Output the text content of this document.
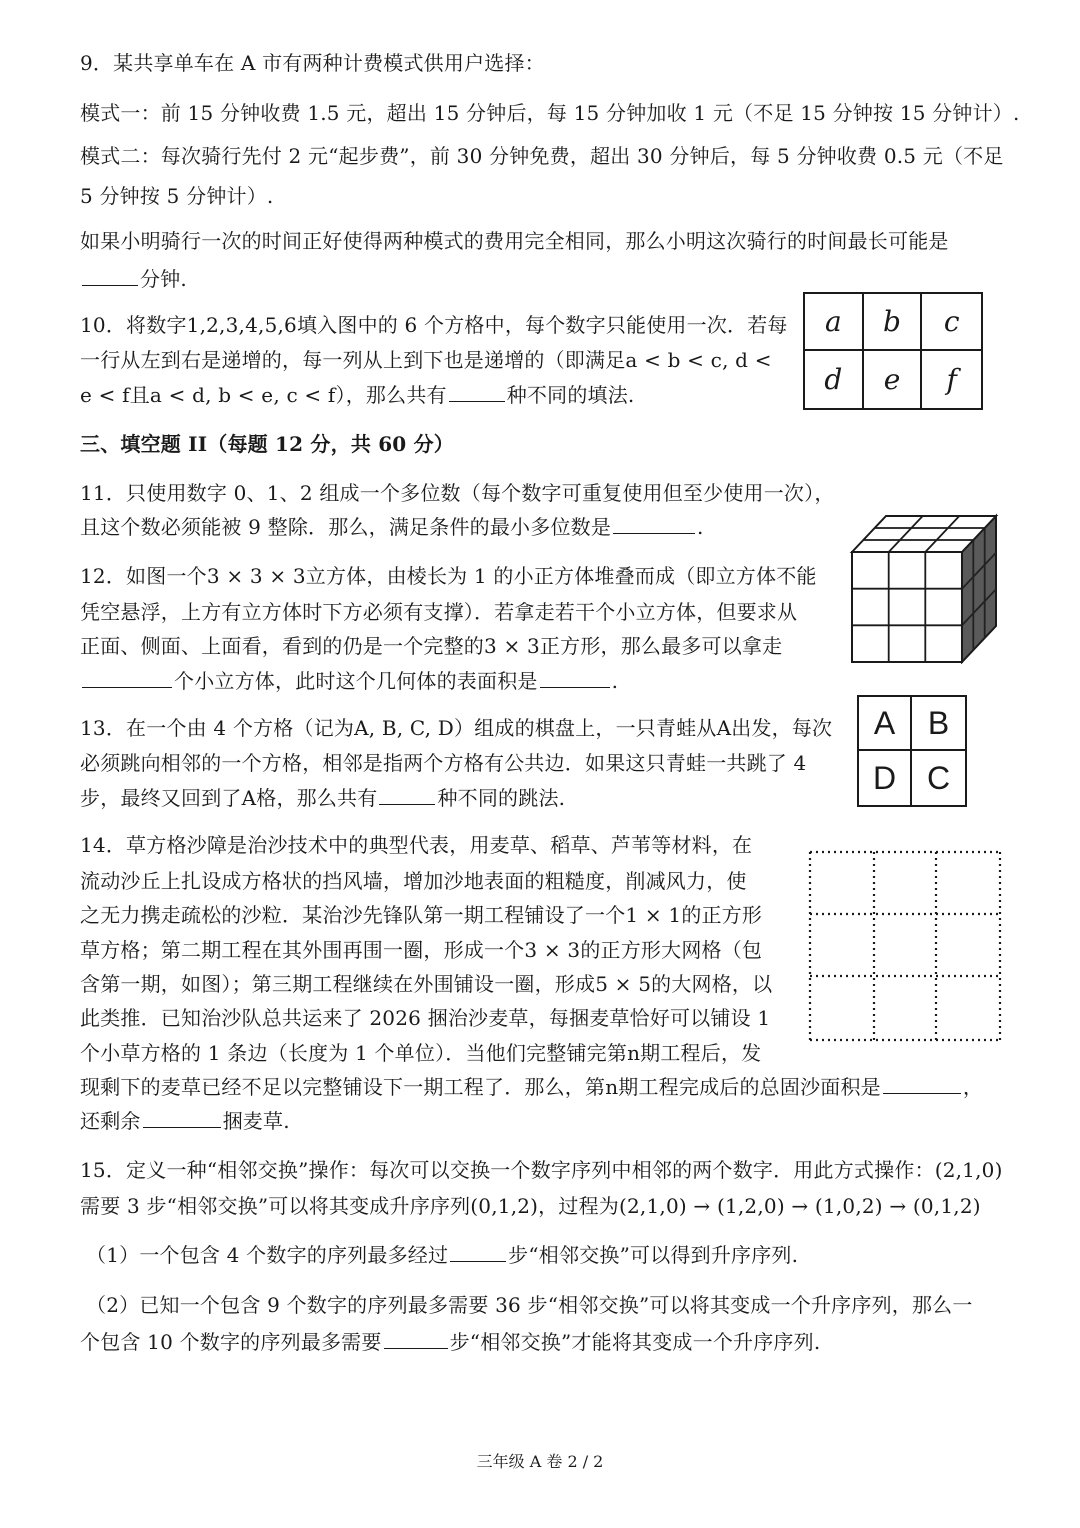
9．某共享单车在 A 市有两种计费模式供用户选择：

模式一：前 15 分钟收费 1.5 元，超出 15 分钟后，每 15 分钟加收 1 元（不足 15 分钟按 15 分钟计）.

模式二：每次骑行先付 2 元“起步费”，前 30 分钟免费，超出 30 分钟后，每 5 分钟收费 0.5 元（不足

5 分钟按 5 分钟计）.

如果小明骑行一次的时间正好使得两种模式的费用完全相同，那么小明这次骑行的时间最长可能是

分钟.

10．将数字1,2,3,4,5,6填入图中的 6 个方格中，每个数字只能使用一次．若每

一行从左到右是递增的，每一列从上到下也是递增的（即满足a < b < c, d <

e < f且a < d, b < e, c < f），那么共有	种不同的填法.

a	b	c
d	e	f

三、填空题 II（每题 12 分，共 60 分）

11．只使用数字 0、1、2 组成一个多位数（每个数字可重复使用但至少使用一次），

且这个数必须能被 9 整除．那么，满足条件的最小多位数是	.

12．如图一个3 × 3 × 3立方体，由棱长为 1 的小正方体堆叠而成（即立方体不能

凭空悬浮，上方有立方体时下方必须有支撑）．若拿走若干个小立方体，但要求从

正面、侧面、上面看，看到的仍是一个完整的3 × 3正方形，那么最多可以拿走

个小立方体，此时这个几何体的表面积是	.

13．在一个由 4 个方格（记为A, B, C, D）组成的棋盘上，一只青蛙从A出发，每次

必须跳向相邻的一个方格，相邻是指两个方格有公共边．如果这只青蛙一共跳了 4

步，最终又回到了A格，那么共有	种不同的跳法.

A	B
D C

14．草方格沙障是治沙技术中的典型代表，用麦草、稻草、芦苇等材料，在

流动沙丘上扎设成方格状的挡风墙，增加沙地表面的粗糙度，削减风力，使

之无力携走疏松的沙粒．某治沙先锋队第一期工程铺设了一个1 × 1的正方形

草方格；第二期工程在其外围再围一圈，形成一个3 × 3的正方形大网格（包

含第一期，如图）；第三期工程继续在外围铺设一圈，形成5 × 5的大网格，以

此类推．已知治沙队总共运来了 2026 捆治沙麦草，每捆麦草恰好可以铺设 1

个小草方格的 1 条边（长度为 1 个单位）．当他们完整铺完第n期工程后，发

现剩下的麦草已经不足以完整铺设下一期工程了．那么，第n期工程完成后的总固沙面积是	，

还剩余	捆麦草.

15．定义一种“相邻交换”操作：每次可以交换一个数字序列中相邻的两个数字．用此方式操作：(2,1,0)

需要 3 步“相邻交换”可以将其变成升序序列(0,1,2)，过程为(2,1,0) → (1,2,0) → (1,0,2) → (0,1,2)

（1）一个包含 4 个数字的序列最多经过	步“相邻交换”可以得到升序序列.

（2）已知一个包含 9 个数字的序列最多需要 36 步“相邻交换”可以将其变成一个升序序列，那么一

个包含 10 个数字的序列最多需要	步“相邻交换”才能将其变成一个升序序列.

三年级 A 卷 2 / 2
